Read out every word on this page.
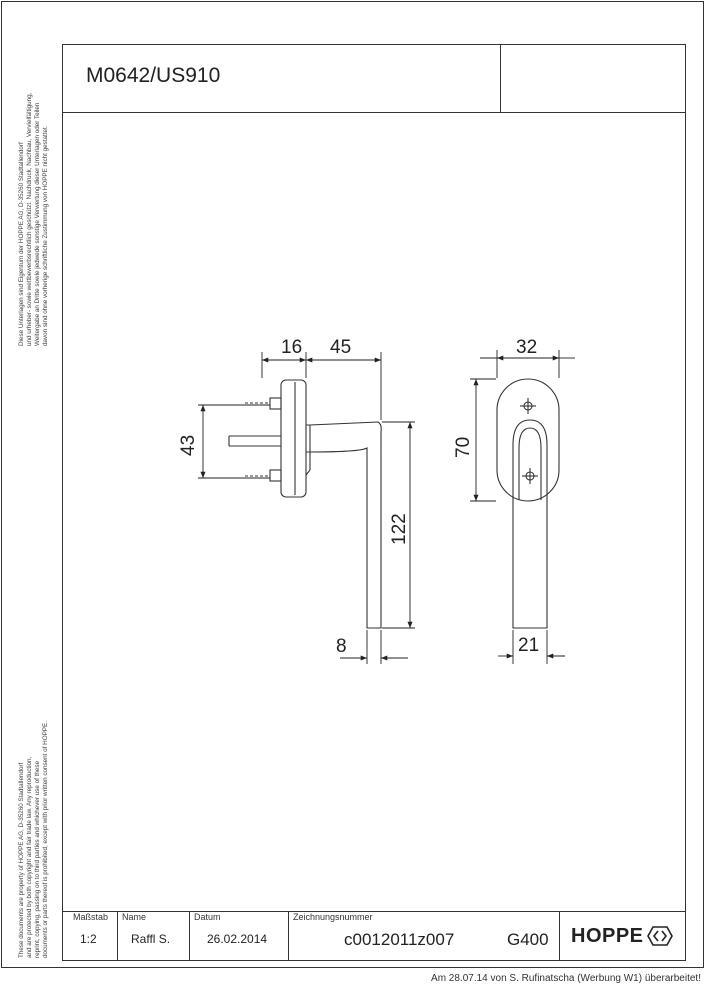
M0642/US910
Diese Unterlagen sind Eigentum der HOPPE AG, D-35260 Stadtallendorf und urheber- sowie wettbewerbsrechtlich geschützt. Nachdruck, Nachbau, Vervielfältigung, Weitergabe an Dritte sowie jedwede sonstige Verwertung dieser Unterlagen oder Teilen davon sind ohne vorherige schriftliche Zustimmung von HOPPE nicht gestattet.
These documents are property of HOPPE AG, D-35260 Stadtallendorf and are protected by both copyright and fair trade law. Any reproduction, reprint, copying, passing on to third parties and whichever use of these documents or parts thereof is prohibited, except with prior written consent of HOPPE.
16 45
43
122
8
32
70
21
Maßstab
1:2
Name
Raffl S.
Datum
26.02.2014
Zeichnungsnummer
c0012011z007	G400 HOPPE
Am 28.07.14 von S. Rufinatscha (Werbung W1) überarbeitet!
